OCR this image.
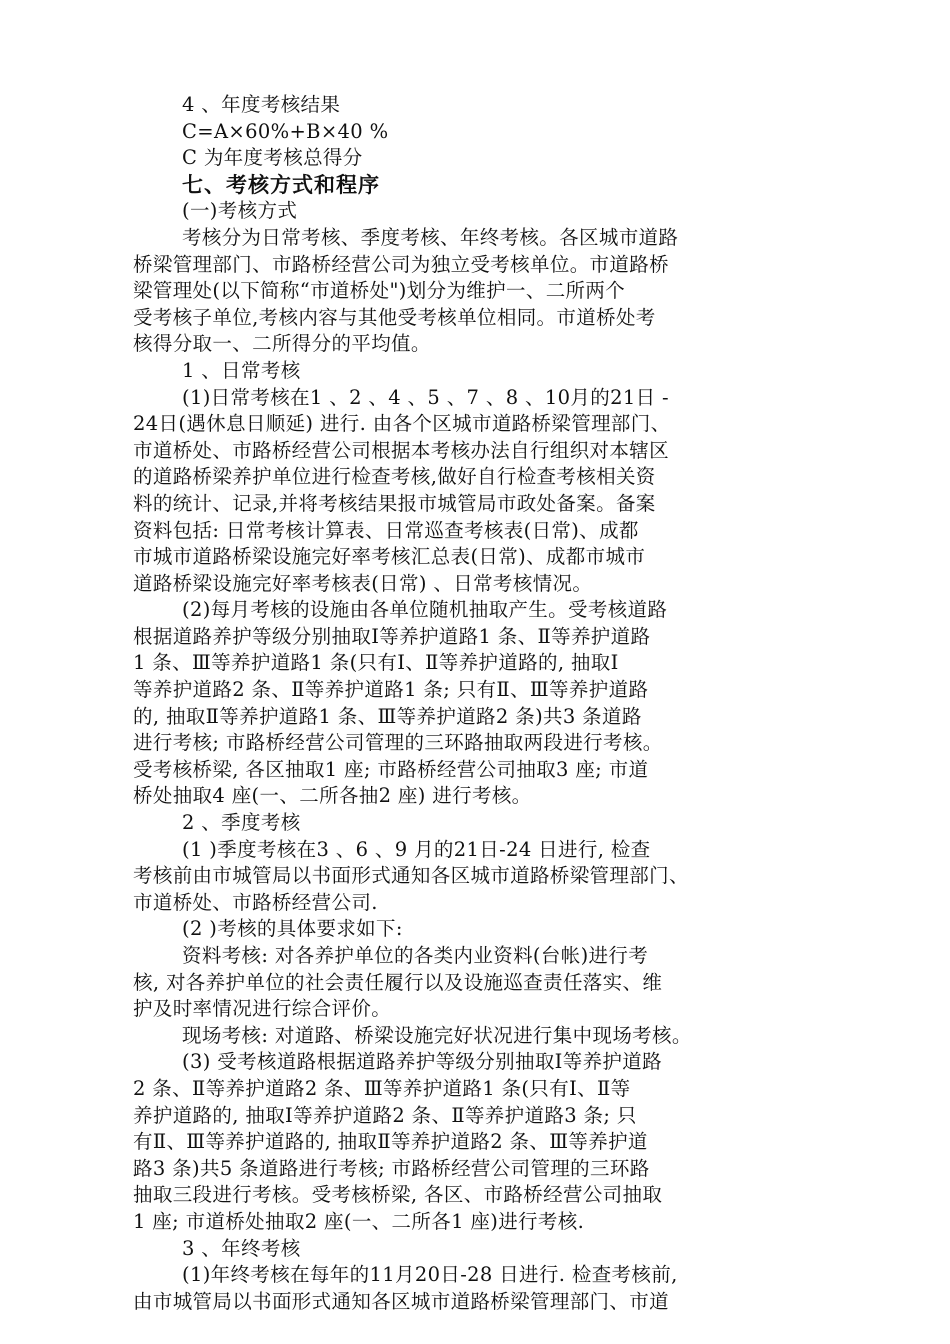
4 、年度考核结果
C=A×60%+B×40 %
C 为年度考核总得分
七、考核方式和程序
(一)考核方式
考核分为日常考核、季度考核、年终考核。各区城市道路
桥梁管理部门、市路桥经营公司为独立受考核单位。市道路桥
梁管理处(以下简称“市道桥处")划分为维护一、二所两个
受考核子单位,考核内容与其他受考核单位相同。市道桥处考
核得分取一、二所得分的平均值。
1 、日常考核
(1)日常考核在1 、2 、4 、5 、7 、8 、10月的21日 -
24日(遇休息日顺延) 进行. 由各个区城市道路桥梁管理部门、
市道桥处、市路桥经营公司根据本考核办法自行组织对本辖区
的道路桥梁养护单位进行检查考核,做好自行检查考核相关资
料的统计、记录,并将考核结果报市城管局市政处备案。备案
资料包括: 日常考核计算表、日常巡查考核表(日常)、成都
市城市道路桥梁设施完好率考核汇总表(日常)、成都市城市
道路桥梁设施完好率考核表(日常) 、日常考核情况。
(2)每月考核的设施由各单位随机抽取产生。受考核道路
根据道路养护等级分别抽取Ⅰ等养护道路1 条、Ⅱ等养护道路
1 条、Ⅲ等养护道路1 条(只有Ⅰ、Ⅱ等养护道路的, 抽取Ⅰ
等养护道路2 条、Ⅱ等养护道路1 条; 只有Ⅱ、Ⅲ等养护道路
的, 抽取Ⅱ等养护道路1 条、Ⅲ等养护道路2 条)共3 条道路
进行考核; 市路桥经营公司管理的三环路抽取两段进行考核。
受考核桥梁, 各区抽取1 座; 市路桥经营公司抽取3 座; 市道
桥处抽取4 座(一、二所各抽2 座) 进行考核。
2 、季度考核
(1 )季度考核在3 、6 、9 月的21日-24 日进行, 检查
考核前由市城管局以书面形式通知各区城市道路桥梁管理部门、
市道桥处、市路桥经营公司.
(2 )考核的具体要求如下:
资料考核: 对各养护单位的各类内业资料(台帐)进行考
核, 对各养护单位的社会责任履行以及设施巡查责任落实、维
护及时率情况进行综合评价。
现场考核: 对道路、桥梁设施完好状况进行集中现场考核。
(3) 受考核道路根据道路养护等级分别抽取Ⅰ等养护道路
2 条、Ⅱ等养护道路2 条、Ⅲ等养护道路1 条(只有Ⅰ、Ⅱ等
养护道路的, 抽取Ⅰ等养护道路2 条、Ⅱ等养护道路3 条; 只
有Ⅱ、Ⅲ等养护道路的, 抽取Ⅱ等养护道路2 条、Ⅲ等养护道
路3 条)共5 条道路进行考核; 市路桥经营公司管理的三环路
抽取三段进行考核。受考核桥梁, 各区、市路桥经营公司抽取
1 座; 市道桥处抽取2 座(一、二所各1 座)进行考核.
3 、年终考核
(1)年终考核在每年的11月20日-28 日进行. 检查考核前,
由市城管局以书面形式通知各区城市道路桥梁管理部门、市道
